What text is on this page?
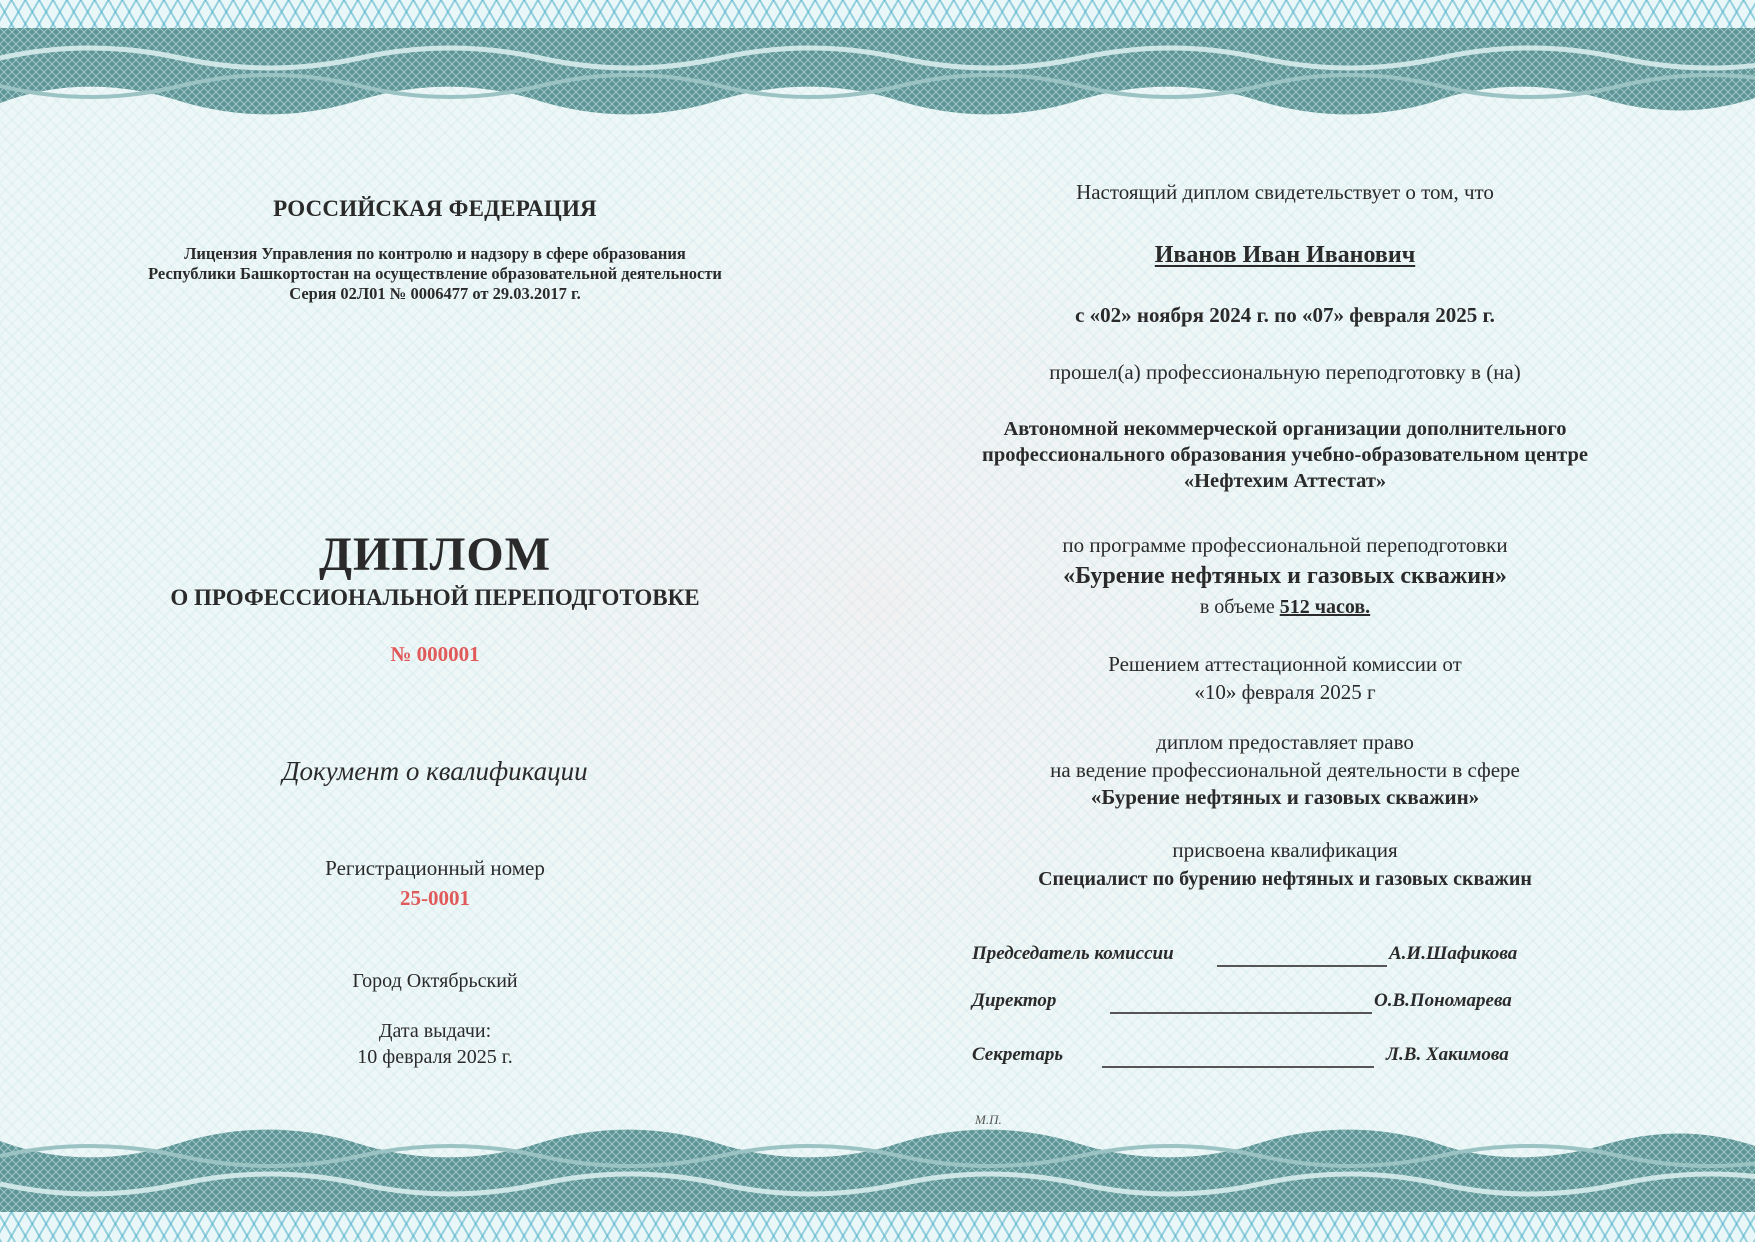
РОССИЙСКАЯ ФЕДЕРАЦИЯ
Лицензия Управления по контролю и надзору в сфере образования
Республики Башкортостан на осуществление образовательной деятельности
Серия 02Л01 № 0006477 от 29.03.2017 г.
ДИПЛОМ
О ПРОФЕССИОНАЛЬНОЙ ПЕРЕПОДГОТОВКЕ
№ 000001
Документ о квалификации
Регистрационный номер
25-0001
Город Октябрьский
Дата выдачи:
10 февраля 2025 г.
Настоящий диплом свидетельствует о том, что
Иванов Иван Иванович
с «02» ноября 2024 г. по «07» февраля 2025 г.
прошел(а) профессиональную переподготовку в (на)
Автономной некоммерческой организации дополнительного
профессионального образования учебно-образовательном центре
«Нефтехим Аттестат»
по программе профессиональной переподготовки
«Бурение нефтяных и газовых скважин»
в объеме 512 часов.
Решением аттестационной комиссии от
«10» февраля 2025 г
диплом предоставляет право
на ведение профессиональной деятельности в сфере
«Бурение нефтяных и газовых скважин»
присвоена квалификация
Специалист по бурению нефтяных и газовых скважин
Председатель комиссии	А.И.Шафикова
Директор	О.В.Пономарева
Секретарь	Л.В. Хакимова
М.П.
